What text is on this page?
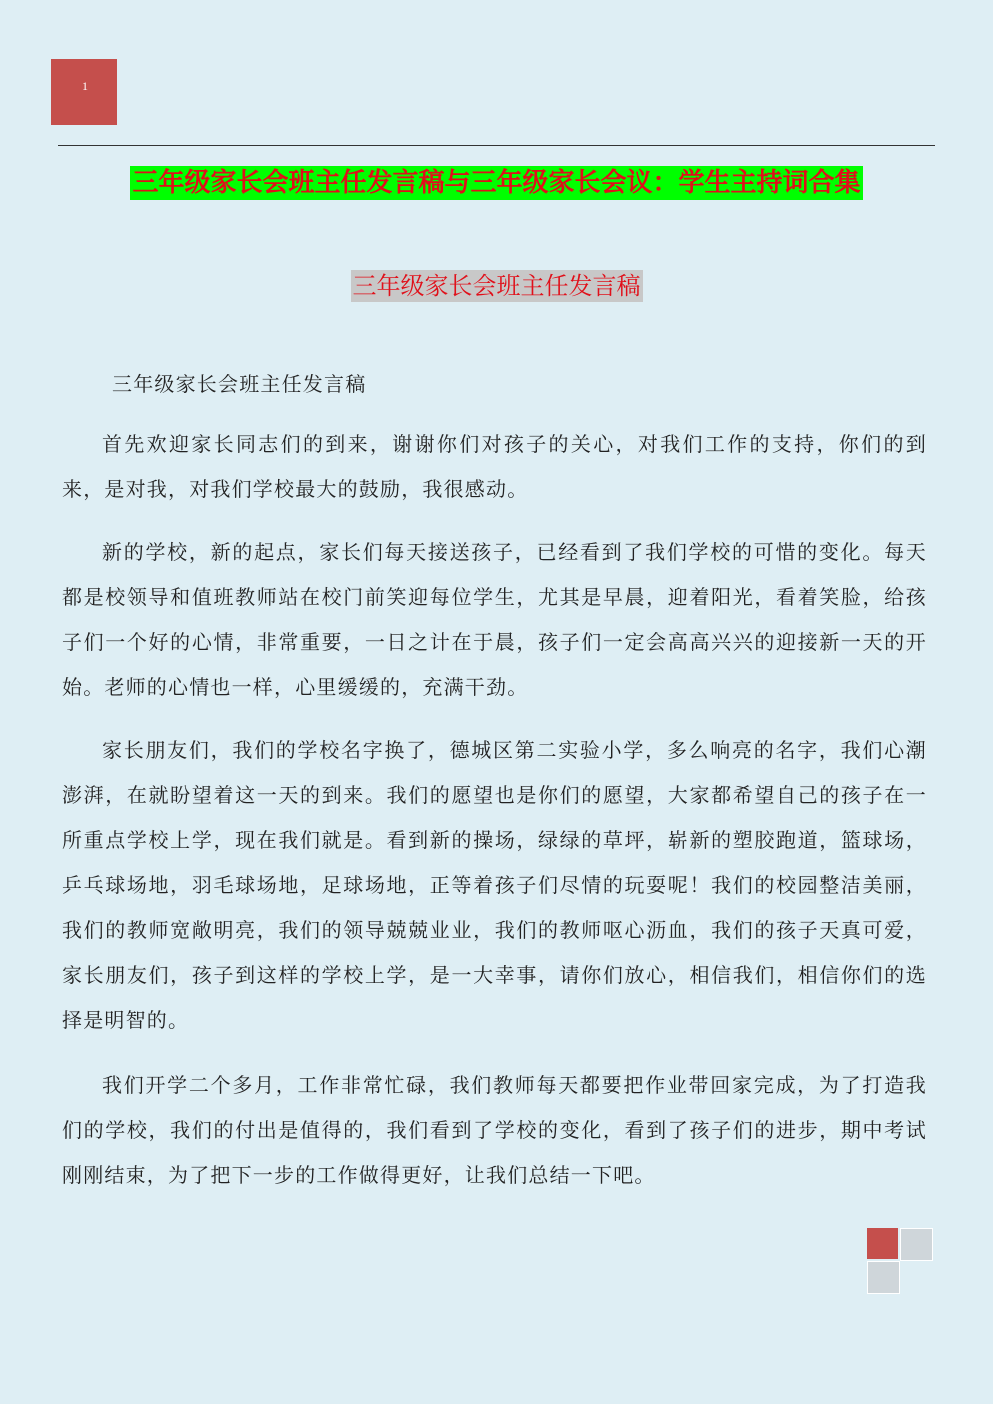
1
三年级家长会班主任发言稿与三年级家长会议：学生主持词合集
三年级家长会班主任发言稿
三年级家长会班主任发言稿

首先欢迎家长同志们的到来，谢谢你们对孩子的关心，对我们工作的支持，你们的到来，是对我，对我们学校最大的鼓励，我很感动。

新的学校，新的起点，家长们每天接送孩子，已经看到了我们学校的可惜的变化。每天都是校领导和值班教师站在校门前笑迎每位学生，尤其是早晨，迎着阳光，看着笑脸，给孩子们一个好的心情，非常重要，一日之计在于晨，孩子们一定会高高兴兴的迎接新一天的开始。老师的心情也一样，心里缓缓的，充满干劲。

家长朋友们，我们的学校名字换了，德城区第二实验小学，多么响亮的名字，我们心潮澎湃，在就盼望着这一天的到来。我们的愿望也是你们的愿望，大家都希望自己的孩子在一所重点学校上学，现在我们就是。看到新的操场，绿绿的草坪，崭新的塑胶跑道，篮球场，乒乓球场地，羽毛球场地，足球场地，正等着孩子们尽情的玩耍呢！我们的校园整洁美丽，我们的教师宽敞明亮，我们的领导兢兢业业，我们的教师呕心沥血，我们的孩子天真可爱，家长朋友们，孩子到这样的学校上学，是一大幸事，请你们放心，相信我们，相信你们的选择是明智的。

我们开学二个多月，工作非常忙碌，我们教师每天都要把作业带回家完成，为了打造我们的学校，我们的付出是值得的，我们看到了学校的变化，看到了孩子们的进步，期中考试刚刚结束，为了把下一步的工作做得更好，让我们总结一下吧。
